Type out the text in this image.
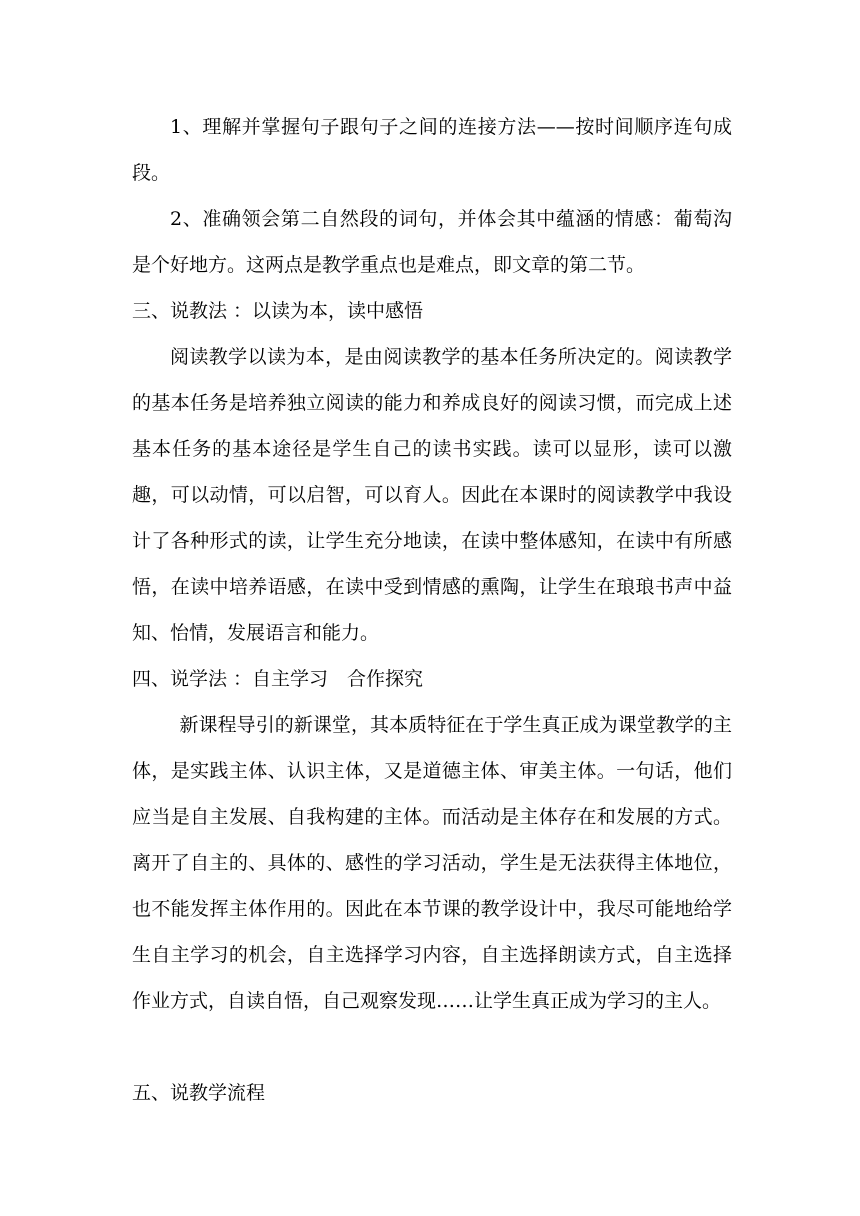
1、理解并掌握句子跟句子之间的连接方法——按时间顺序连句成段。

2、准确领会第二自然段的词句，并体会其中蕴涵的情感：葡萄沟是个好地方。这两点是教学重点也是难点，即文章的第二节。

三、说教法 ：以读为本，读中感悟

阅读教学以读为本，是由阅读教学的基本任务所决定的。阅读教学的基本任务是培养独立阅读的能力和养成良好的阅读习惯，而完成上述基本任务的基本途径是学生自己的读书实践。读可以显形，读可以激趣，可以动情，可以启智，可以育人。因此在本课时的阅读教学中我设计了各种形式的读，让学生充分地读，在读中整体感知，在读中有所感悟，在读中培养语感，在读中受到情感的熏陶，让学生在琅琅书声中益知、怡情，发展语言和能力。

四、说学法 ：自主学习　合作探究

新课程导引的新课堂，其本质特征在于学生真正成为课堂教学的主体，是实践主体、认识主体，又是道德主体、审美主体。一句话，他们应当是自主发展、自我构建的主体。而活动是主体存在和发展的方式。离开了自主的、具体的、感性的学习活动，学生是无法获得主体地位，也不能发挥主体作用的。因此在本节课的教学设计中，我尽可能地给学生自主学习的机会，自主选择学习内容，自主选择朗读方式，自主选择作业方式，自读自悟，自己观察发现……让学生真正成为学习的主人。

五、说教学流程
